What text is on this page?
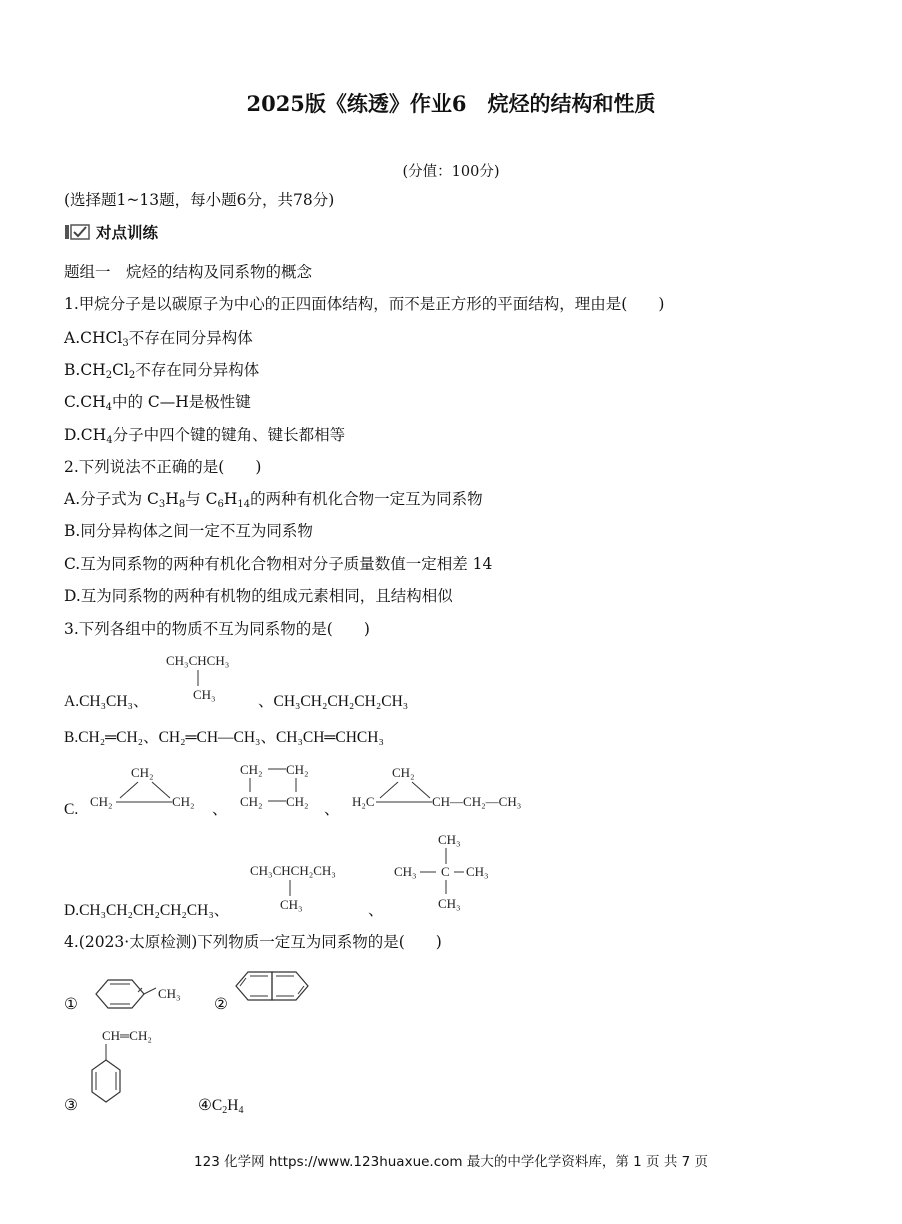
2025版《练透》作业6　烷烃的结构和性质
(分值：100分)
(选择题1~13题，每小题6分，共78分)
对点训练
题组一　烷烃的结构及同系物的概念
1.甲烷分子是以碳原子为中心的正四面体结构，而不是正方形的平面结构，理由是(　　)
A.CHCl$_3$不存在同分异构体
$B.CH_2Cl_2$不存在同分异构体
$C.CH_4$中的 C—H是极性键
$D.CH_4$分子中四个键的键角、键长都相等
2.下列说法不正确的是(　　)
A.分子式为 $C_3H_8$与 $C_6H_{14}$的两种有机化合物一定互为同系物
B.同分异构体之间一定不互为同系物
C.互为同系物的两种有机化合物相对分子质量数值一定相差 14
D.互为同系物的两种有机物的组成元素相同，且结构相似
3.下列各组中的物质不互为同系物的是(　　)
A.CH₃CH₃、
CH₃CHCH₃
CH₃	、CH₃CH₂CH₂CH₂CH₃
B.CH₂═CH₂、CH₂═CH—CH₃、CH₃CH═CHCH₃
C.
CH₂
CH₂	CH₂ 、
CH₂ CH₂
CH₂ CH₂ 、
CH₂
H₂C	CH—CH₂—CH₃
D.CH₃CH₂CH₂CH₂CH₃、
CH₃CHCH₂CH₃
CH₃	、
CH₃
CH₃ C CH₃
CH₃
4.(2023·太原检测)下列物质一定互为同系物的是(　　)
①
CH₃
②
CH═CH₂
③	$④C_2H_4$
123 化学网 https://www.123huaxue.com 最大的中学化学资料库，第 1 页 共 7 页
